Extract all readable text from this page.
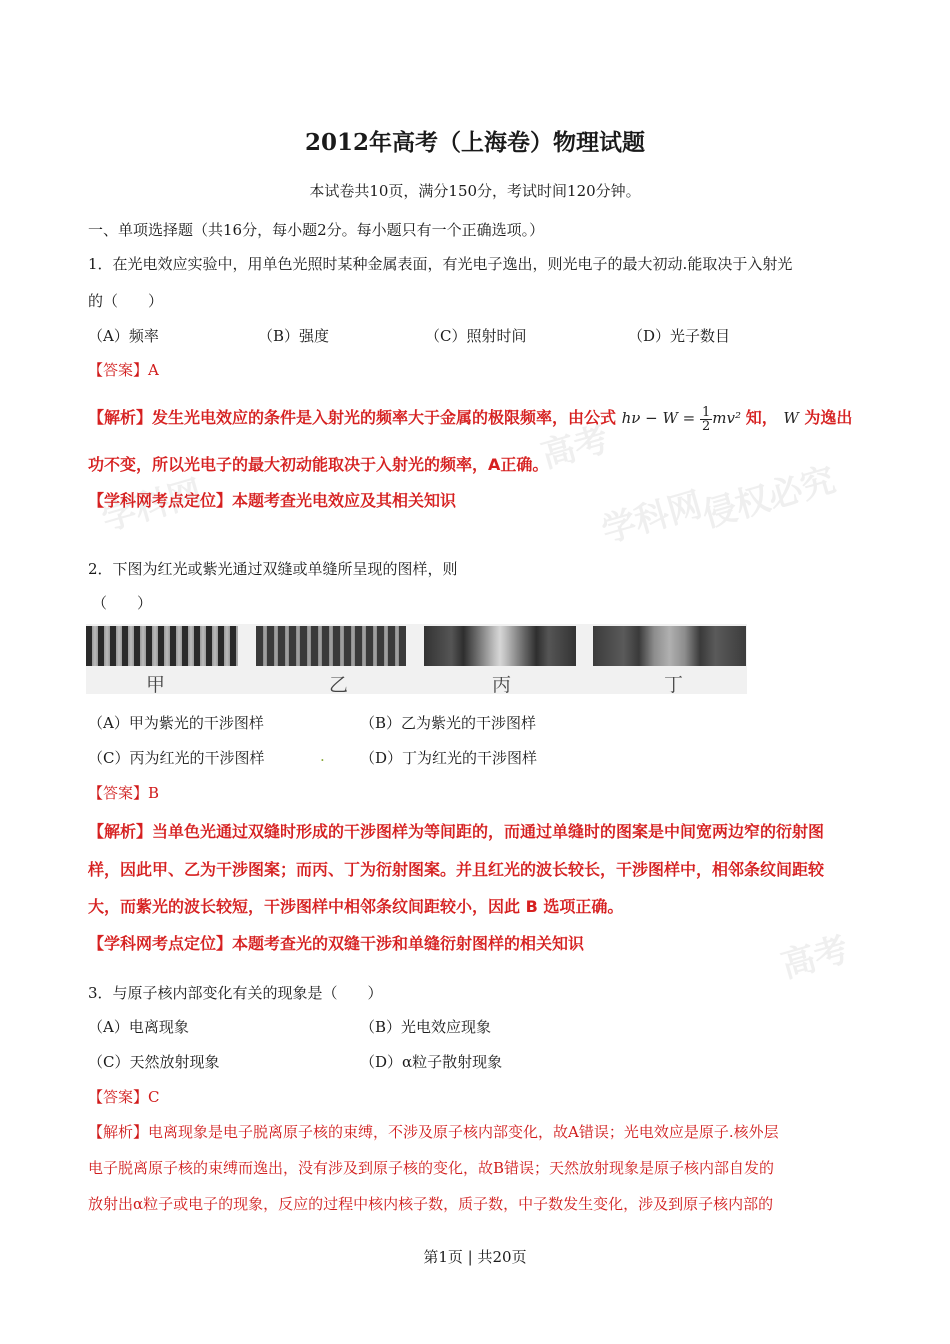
学科网
高考
侵权必究
学科网
高考
2012年高考（上海卷）物理试题
本试卷共10页，满分150分，考试时间120分钟。
一、单项选择题（共16分，每小题2分。每小题只有一个正确选项。）
1．在光电效应实验中，用单色光照时某种金属表面，有光电子逸出，则光电子的最大初动.能取决于入射光
的（　　）
（A）频率	（B）强度	（C）照射时间	（D）光子数目
【答案】A
【解析】发生光电效应的条件是入射光的频率大于金属的极限频率，由公式 $h\nu - W = \frac{1}{2} mv^2$ 知， W 为逸出
功不变，所以光电子的最大初动能取决于入射光的频率，A正确。
【学科网考点定位】本题考查光电效应及其相关知识
2．下图为红光或紫光通过双缝或单缝所呈现的图样，则
（　　）
甲	乙	丙	丁
（A）甲为紫光的干涉图样	（B）乙为紫光的干涉图样
（C）丙为红光的干涉图样	. （D）丁为红光的干涉图样
【答案】B
【解析】当单色光通过双缝时形成的干涉图样为等间距的，而通过单缝时的图案是中间宽两边窄的衍射图
样，因此甲、乙为干涉图案；而丙、丁为衍射图案。并且红光的波长较长，干涉图样中，相邻条纹间距较
大，而紫光的波长较短，干涉图样中相邻条纹间距较小，因此 B 选项正确。
【学科网考点定位】本题考查光的双缝干涉和单缝衍射图样的相关知识
3．与原子核内部变化有关的现象是（　　）
（A）电离现象	（B）光电效应现象
（C）天然放射现象	（D）α粒子散射现象
【答案】C
【解析】电离现象是电子脱离原子核的束缚，不涉及原子核内部变化，故A错误；光电效应是原子.核外层
电子脱离原子核的束缚而逸出，没有涉及到原子核的变化，故B错误；天然放射现象是原子核内部自发的
放射出α粒子或电子的现象，反应的过程中核内核子数，质子数，中子数发生变化，涉及到原子核内部的
第1页 | 共20页
